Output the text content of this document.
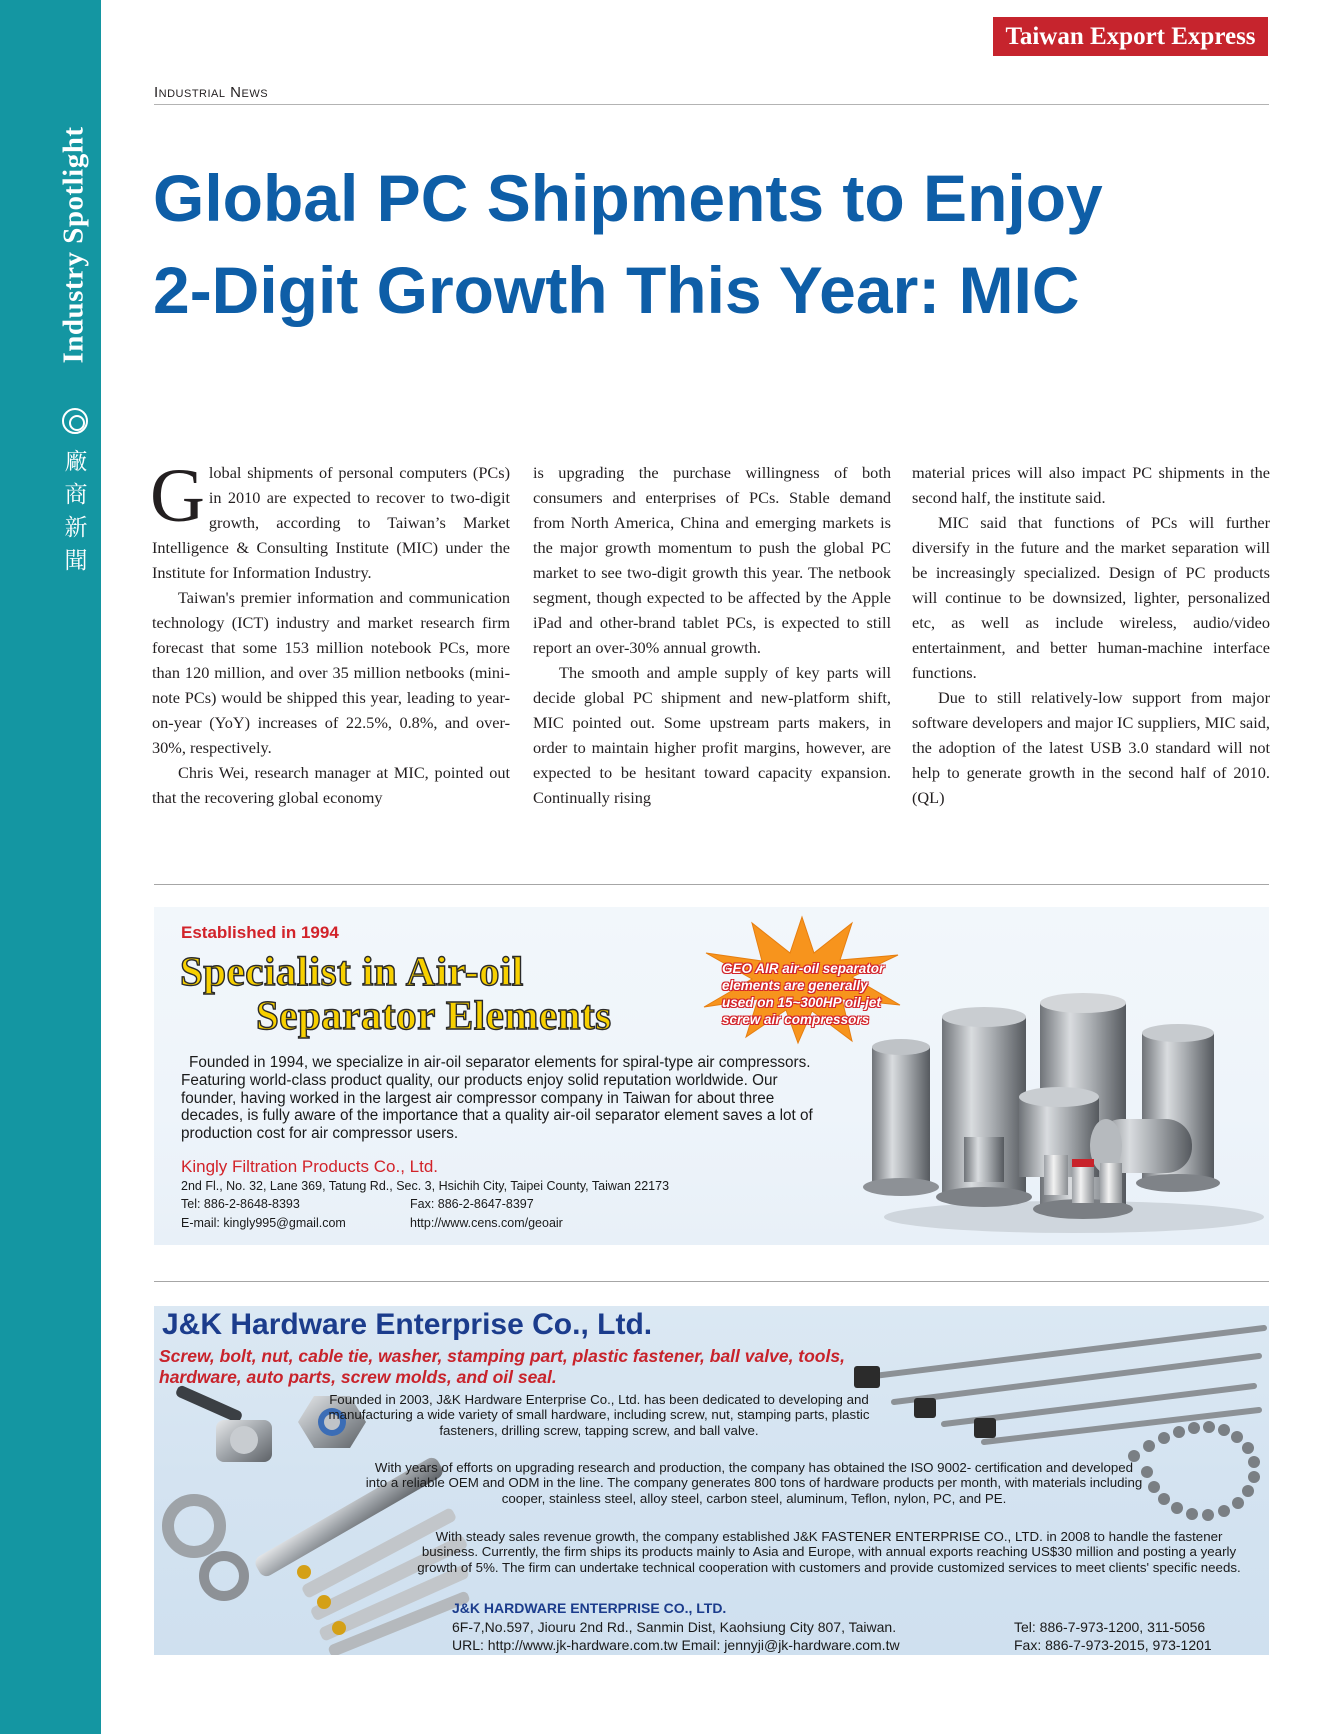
Industry Spotlight
廠
商
新
聞
Taiwan Export Express
Industrial News
Global PC Shipments to Enjoy
2-Digit Growth This Year: MIC

Global shipments of personal computers (PCs) in 2010 are expected to recover to two-digit growth, according to Taiwan’s Market Intelligence & Consulting Institute (MIC) under the Institute for Information Industry.

Taiwan's premier information and communication technology (ICT) industry and market research firm forecast that some 153 million notebook PCs, more than 120 million, and over 35 million netbooks (mini-note PCs) would be shipped this year, leading to year-on-year (YoY) increases of 22.5%, 0.8%, and over-30%, respectively.

Chris Wei, research manager at MIC, pointed out that the recovering global economy

is upgrading the purchase willingness of both consumers and enterprises of PCs. Stable demand from North America, China and emerging markets is the major growth momentum to push the global PC market to see two-digit growth this year. The netbook segment, though expected to be affected by the Apple iPad and other-brand tablet PCs, is expected to still report an over-30% annual growth.

The smooth and ample supply of key parts will decide global PC shipment and new-platform shift, MIC pointed out. Some upstream parts makers, in order to maintain higher profit margins, however, are expected to be hesitant toward capacity expansion. Continually rising

material prices will also impact PC shipments in the second half, the institute said.

MIC said that functions of PCs will further diversify in the future and the market separation will be increasingly specialized. Design of PC products will continue to be downsized, lighter, personalized etc, as well as include wireless, audio/video entertainment, and better human-machine interface functions.

Due to still relatively-low support from major software developers and major IC suppliers, MIC said, the adoption of the latest USB 3.0 standard will not help to generate growth in the second half of 2010. (QL)

Established in 1994
Specialist in Air-oil
Separator Elements
GEO AIR air-oil separator
elements are generally
used on 15~300HP oil-jet
screw air compressors
Founded in 1994, we specialize in air-oil separator elements for spiral-type air compressors. Featuring world-class product quality, our products enjoy solid reputation worldwide. Our founder, having worked in the largest air compressor company in Taiwan for about three decades, is fully aware of the importance that a quality air-oil separator element saves a lot of production cost for air compressor users.
Kingly Filtration Products Co., Ltd.
2nd Fl., No. 32, Lane 369, Tatung Rd., Sec. 3, Hsichih City, Taipei County, Taiwan 22173
Tel: 886-2-8648-8393	Fax: 886-2-8647-8397
E-mail: kingly995@gmail.com	http://www.cens.com/geoair
J&K Hardware Enterprise Co., Ltd.
Screw, bolt, nut, cable tie, washer, stamping part, plastic fastener, ball valve, tools, hardware, auto parts, screw molds, and oil seal.
Founded in 2003, J&K Hardware Enterprise Co., Ltd. has been dedicated to developing and manufacturing a wide variety of small hardware, including screw, nut, stamping parts, plastic fasteners, drilling screw, tapping screw, and ball valve.
With years of efforts on upgrading research and production, the company has obtained the ISO 9002- certification and developed into a reliable OEM and ODM in the line. The company generates 800 tons of hardware products per month, with materials including cooper, stainless steel, alloy steel, carbon steel, aluminum, Teflon, nylon, PC, and PE.
With steady sales revenue growth, the company established J&K FASTENER ENTERPRISE CO., LTD. in 2008 to handle the fastener business. Currently, the firm ships its products mainly to Asia and Europe, with annual exports reaching US$30 million and posting a yearly growth of 5%. The firm can undertake technical cooperation with customers and provide customized services to meet clients' specific needs.
J&K HARDWARE ENTERPRISE CO., LTD.
6F-7,No.597, Jiouru 2nd Rd., Sanmin Dist, Kaohsiung City 807, Taiwan.
URL: http://www.jk-hardware.com.tw Email: jennyji@jk-hardware.com.tw
Tel: 886-7-973-1200, 311-5056
Fax: 886-7-973-2015, 973-1201
